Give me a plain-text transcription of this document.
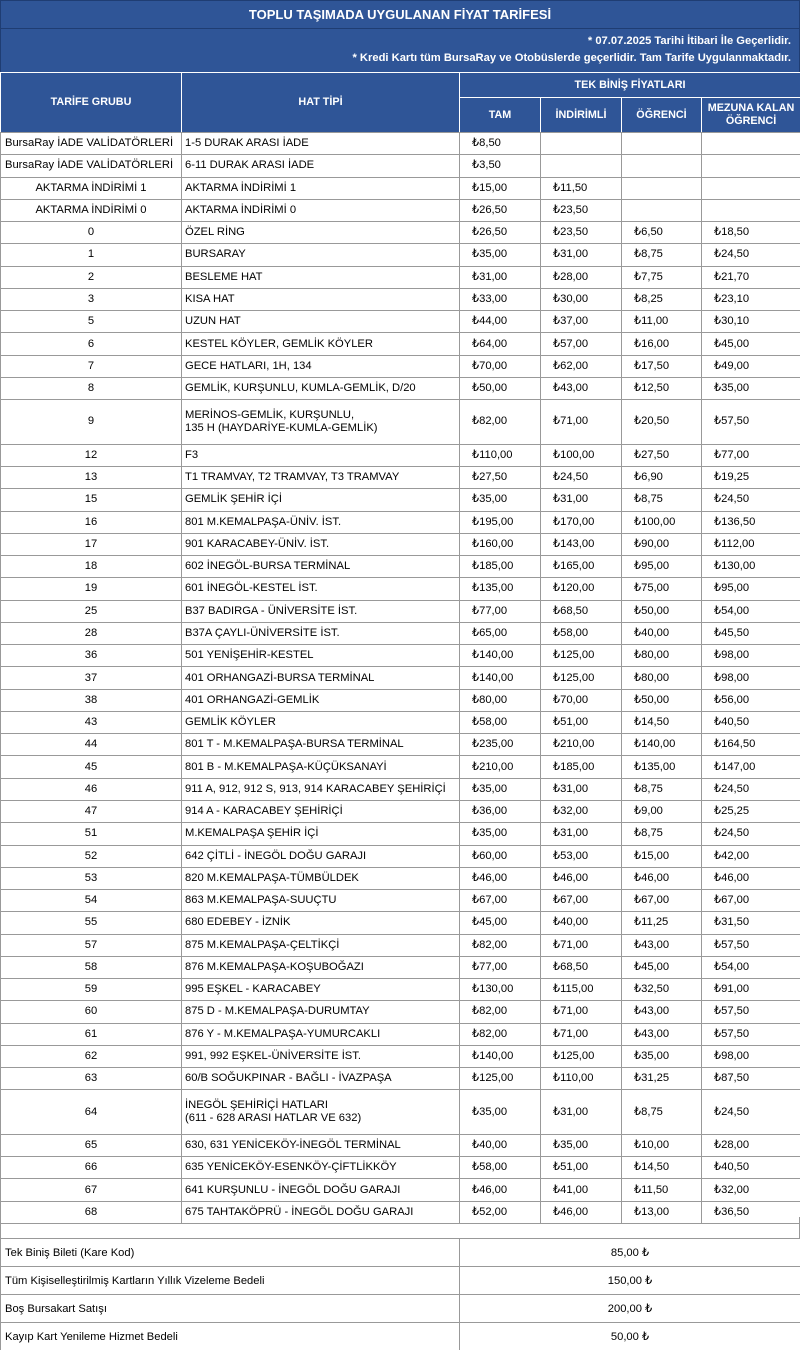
TOPLU TAŞIMADA UYGULANAN FİYAT TARİFESİ
* 07.07.2025 Tarihi İtibari İle Geçerlidir.
* Kredi Kartı tüm BursaRay ve Otobüslerde geçerlidir. Tam Tarife Uygulanmaktadır.
TARİFE GRUBU	HAT TİPİ	TEK BİNİŞ FİYATLARI			
		TAM	İNDİRİMLİ	ÖĞRENCİ	MEZUNA KALAN
ÖĞRENCİ
BursaRay İADE VALİDATÖRLERİ	1-5 DURAK ARASI İADE	₺8,50			
BursaRay İADE VALİDATÖRLERİ	6-11 DURAK ARASI İADE	₺3,50			
AKTARMA İNDİRİMİ 1	AKTARMA İNDİRİMİ 1	₺15,00	₺11,50		
AKTARMA İNDİRİMİ 0	AKTARMA İNDİRİMİ 0	₺26,50	₺23,50		
0	ÖZEL RİNG	₺26,50	₺23,50	₺6,50	₺18,50
1	BURSARAY	₺35,00	₺31,00	₺8,75	₺24,50
2	BESLEME HAT	₺31,00	₺28,00	₺7,75	₺21,70
3	KISA HAT	₺33,00	₺30,00	₺8,25	₺23,10
5	UZUN HAT	₺44,00	₺37,00	₺11,00	₺30,10
6	KESTEL KÖYLER, GEMLİK KÖYLER	₺64,00	₺57,00	₺16,00	₺45,00
7	GECE HATLARI, 1H, 134	₺70,00	₺62,00	₺17,50	₺49,00
8	GEMLİK, KURŞUNLU, KUMLA-GEMLİK, D/20	₺50,00	₺43,00	₺12,50	₺35,00
9	MERİNOS-GEMLİK, KURŞUNLU,
135 H (HAYDARİYE-KUMLA-GEMLİK)	₺82,00	₺71,00	₺20,50	₺57,50
12	F3	₺110,00	₺100,00	₺27,50	₺77,00
13	T1 TRAMVAY, T2 TRAMVAY, T3 TRAMVAY	₺27,50	₺24,50	₺6,90	₺19,25
15	GEMLİK ŞEHİR İÇİ	₺35,00	₺31,00	₺8,75	₺24,50
16	801 M.KEMALPAŞA-ÜNİV. İST.	₺195,00	₺170,00	₺100,00	₺136,50
17	901 KARACABEY-ÜNİV. İST.	₺160,00	₺143,00	₺90,00	₺112,00
18	602 İNEGÖL-BURSA TERMİNAL	₺185,00	₺165,00	₺95,00	₺130,00
19	601 İNEGÖL-KESTEL İST.	₺135,00	₺120,00	₺75,00	₺95,00
25	B37 BADIRGA - ÜNİVERSİTE İST.	₺77,00	₺68,50	₺50,00	₺54,00
28	B37A ÇAYLI-ÜNİVERSİTE İST.	₺65,00	₺58,00	₺40,00	₺45,50
36	501 YENİŞEHİR-KESTEL	₺140,00	₺125,00	₺80,00	₺98,00
37	401 ORHANGAZİ-BURSA TERMİNAL	₺140,00	₺125,00	₺80,00	₺98,00
38	401 ORHANGAZİ-GEMLİK	₺80,00	₺70,00	₺50,00	₺56,00
43	GEMLİK KÖYLER	₺58,00	₺51,00	₺14,50	₺40,50
44	801 T - M.KEMALPAŞA-BURSA TERMİNAL	₺235,00	₺210,00	₺140,00	₺164,50
45	801 B - M.KEMALPAŞA-KÜÇÜKSANAYİ	₺210,00	₺185,00	₺135,00	₺147,00
46	911 A, 912, 912 S, 913, 914 KARACABEY ŞEHİRİÇİ	₺35,00	₺31,00	₺8,75	₺24,50
47	914 A - KARACABEY ŞEHİRİÇİ	₺36,00	₺32,00	₺9,00	₺25,25
51	M.KEMALPAŞA ŞEHİR İÇİ	₺35,00	₺31,00	₺8,75	₺24,50
52	642 ÇİTLİ - İNEGÖL DOĞU GARAJI	₺60,00	₺53,00	₺15,00	₺42,00
53	820 M.KEMALPAŞA-TÜMBÜLDEK	₺46,00	₺46,00	₺46,00	₺46,00
54	863 M.KEMALPAŞA-SUUÇTU	₺67,00	₺67,00	₺67,00	₺67,00
55	680 EDEBEY - İZNİK	₺45,00	₺40,00	₺11,25	₺31,50
57	875 M.KEMALPAŞA-ÇELTİKÇİ	₺82,00	₺71,00	₺43,00	₺57,50
58	876 M.KEMALPAŞA-KOŞUBOĞAZI	₺77,00	₺68,50	₺45,00	₺54,00
59	995 EŞKEL - KARACABEY	₺130,00	₺115,00	₺32,50	₺91,00
60	875 D - M.KEMALPAŞA-DURUMTAY	₺82,00	₺71,00	₺43,00	₺57,50
61	876 Y - M.KEMALPAŞA-YUMURCAKLI	₺82,00	₺71,00	₺43,00	₺57,50
62	991, 992 EŞKEL-ÜNİVERSİTE İST.	₺140,00	₺125,00	₺35,00	₺98,00
63	60/B SOĞUKPINAR - BAĞLI - İVAZPAŞA	₺125,00	₺110,00	₺31,25	₺87,50
64	İNEGÖL ŞEHİRİÇİ HATLARI
(611 - 628 ARASI HATLAR VE 632)	₺35,00	₺31,00	₺8,75	₺24,50
65	630, 631 YENİCEKÖY-İNEGÖL TERMİNAL	₺40,00	₺35,00	₺10,00	₺28,00
66	635 YENİCEKÖY-ESENKÖY-ÇİFTLİKKÖY	₺58,00	₺51,00	₺14,50	₺40,50
67	641 KURŞUNLU - İNEGÖL DOĞU GARAJI	₺46,00	₺41,00	₺11,50	₺32,00
68	675 TAHTAKÖPRÜ - İNEGÖL DOĞU GARAJI	₺52,00	₺46,00	₺13,00	₺36,50
Tek Biniş Bileti (Kare Kod)	85,00 ₺
Tüm Kişiselleştirilmiş Kartların Yıllık Vizeleme Bedeli	150,00 ₺
Boş Bursakart Satışı	200,00 ₺
Kayıp Kart Yenileme Hizmet Bedeli	50,00 ₺
